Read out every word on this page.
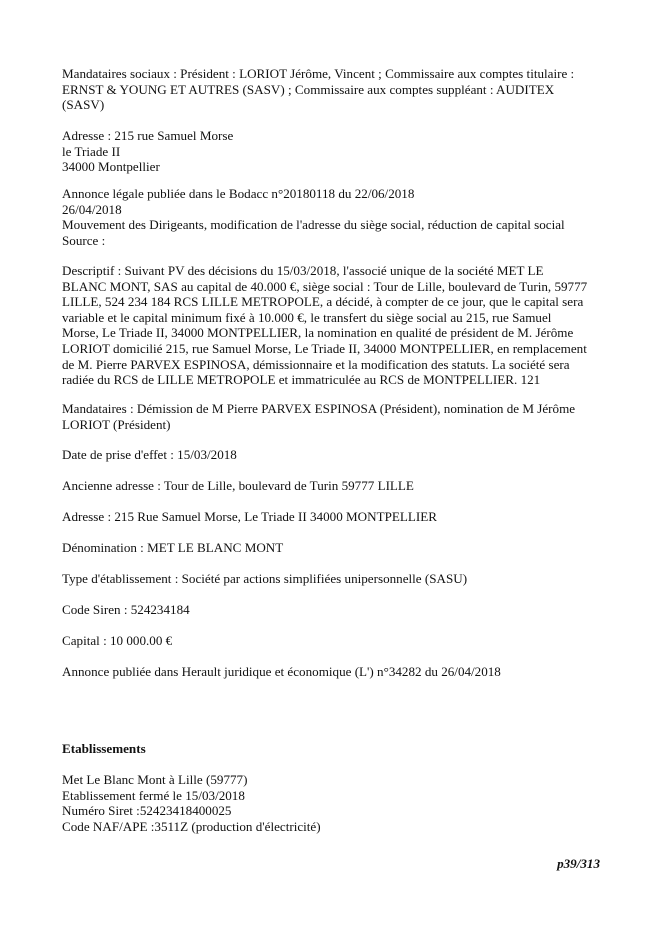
Mandataires sociaux : Président : LORIOT Jérôme, Vincent ; Commissaire aux comptes titulaire :
ERNST & YOUNG ET AUTRES (SASV) ; Commissaire aux comptes suppléant : AUDITEX
(SASV)
Adresse : 215 rue Samuel Morse
le Triade II
34000 Montpellier
Annonce légale publiée dans le Bodacc n°20180118 du 22/06/2018
26/04/2018
Mouvement des Dirigeants, modification de l'adresse du siège social, réduction de capital social
Source :
Descriptif : Suivant PV des décisions du 15/03/2018, l'associé unique de la société MET LE
BLANC MONT, SAS au capital de 40.000 €, siège social : Tour de Lille, boulevard de Turin, 59777
LILLE, 524 234 184 RCS LILLE METROPOLE, a décidé, à compter de ce jour, que le capital sera
variable et le capital minimum fixé à 10.000 €, le transfert du siège social au 215, rue Samuel
Morse, Le Triade II, 34000 MONTPELLIER, la nomination en qualité de président de M. Jérôme
LORIOT domicilié 215, rue Samuel Morse, Le Triade II, 34000 MONTPELLIER, en remplacement
de M. Pierre PARVEX ESPINOSA, démissionnaire et la modification des statuts. La société sera
radiée du RCS de LILLE METROPOLE et immatriculée au RCS de MONTPELLIER. 121
Mandataires : Démission de M Pierre PARVEX ESPINOSA (Président), nomination de M Jérôme
LORIOT (Président)
Date de prise d'effet : 15/03/2018
Ancienne adresse : Tour de Lille, boulevard de Turin 59777 LILLE
Adresse : 215 Rue Samuel Morse, Le Triade II 34000 MONTPELLIER
Dénomination : MET LE BLANC MONT
Type d'établissement : Société par actions simplifiées unipersonnelle (SASU)
Code Siren : 524234184
Capital : 10 000.00 €
Annonce publiée dans Herault juridique et économique (L') n°34282 du 26/04/2018
Etablissements
Met Le Blanc Mont à Lille (59777)
Etablissement fermé le 15/03/2018
Numéro Siret :52423418400025
Code NAF/APE :3511Z (production d'électricité)
p39/313
